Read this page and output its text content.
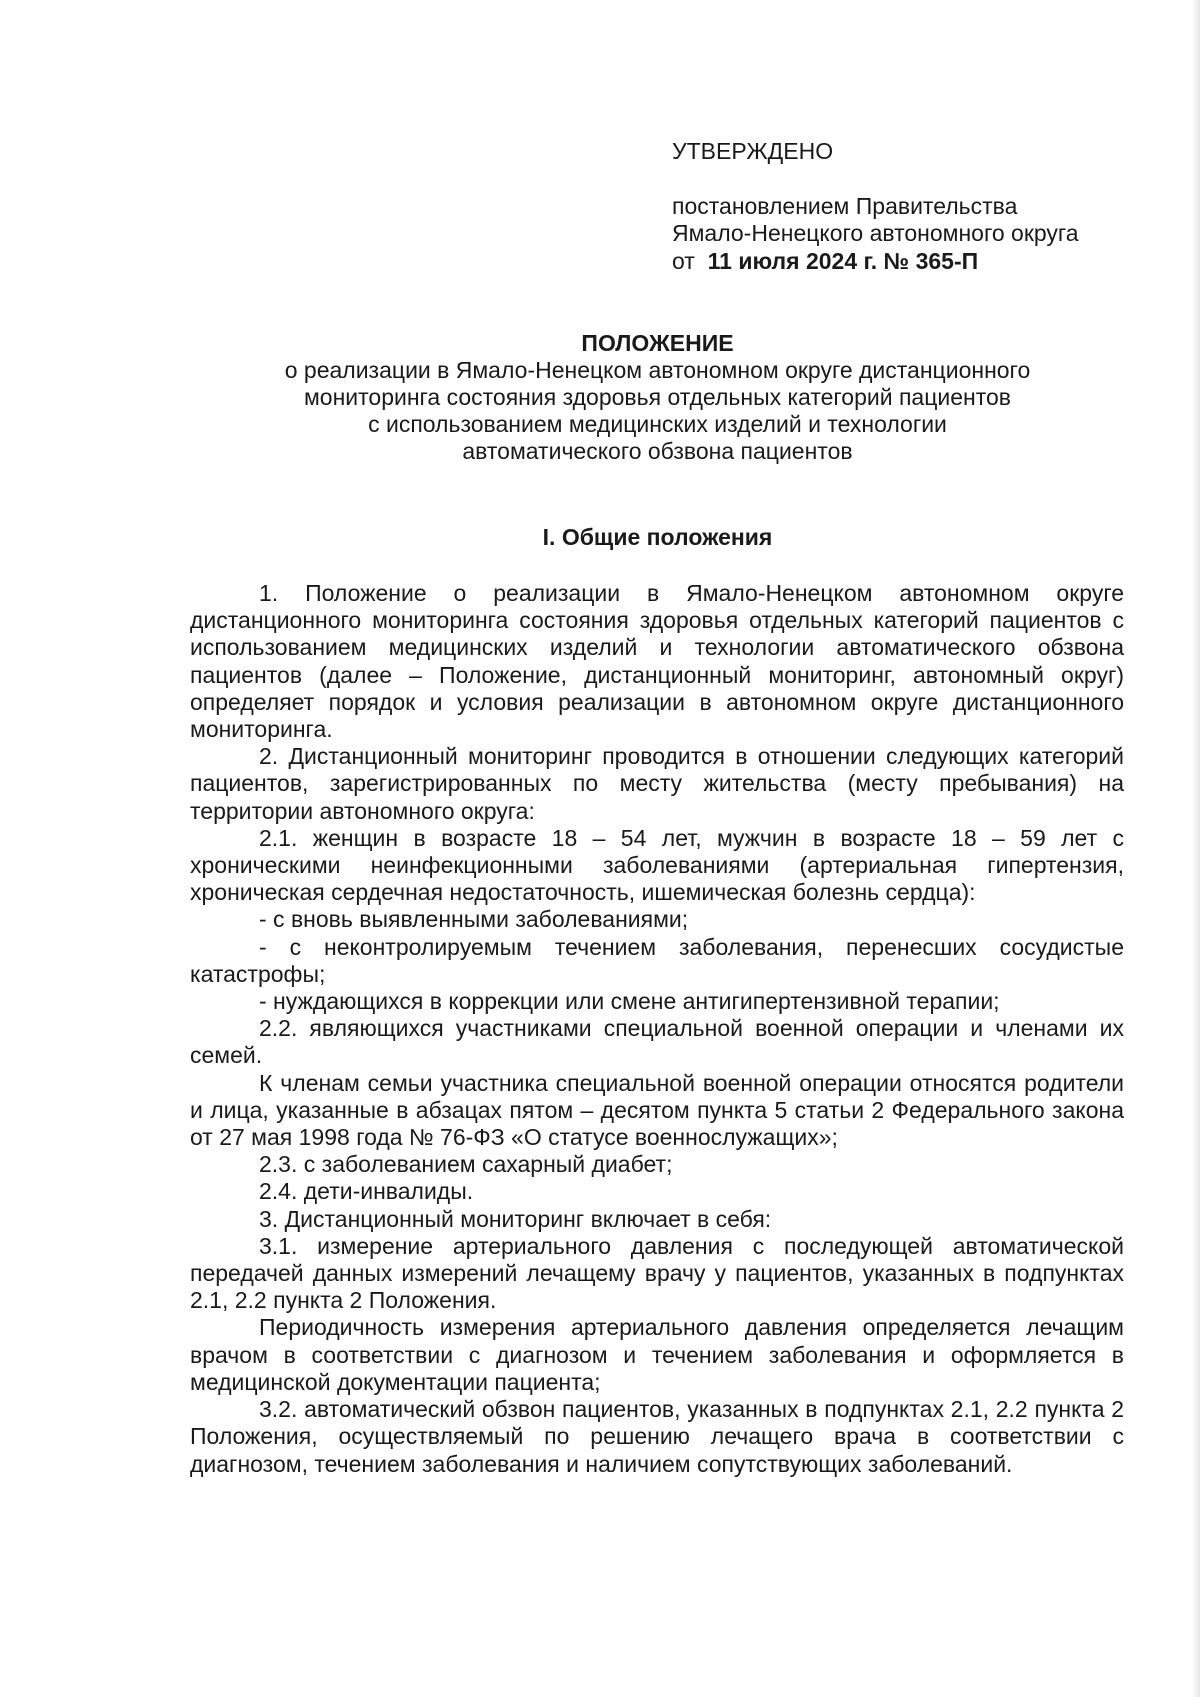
УТВЕРЖДЕНО
постановлением Правительства
Ямало-Ненецкого автономного округа
от 11 июля 2024 г. № 365-П
ПОЛОЖЕНИЕ
о реализации в Ямало-Ненецком автономном округе дистанционного
мониторинга состояния здоровья отдельных категорий пациентов
с использованием медицинских изделий и технологии
автоматического обзвона пациентов
I. Общие положения

1. Положение о реализации в Ямало-Ненецком автономном округе дистанционного мониторинга состояния здоровья отдельных категорий пациентов с использованием медицинских изделий и технологии автоматического обзвона пациентов (далее – Положение, дистанционный мониторинг, автономный округ) определяет порядок и условия реализации в автономном округе дистанционного мониторинга.

2. Дистанционный мониторинг проводится в отношении следующих категорий пациентов, зарегистрированных по месту жительства (месту пребывания) на территории автономного округа:

2.1. женщин в возрасте 18 – 54 лет, мужчин в возрасте 18 – 59 лет с хроническими неинфекционными заболеваниями (артериальная гипертензия, хроническая сердечная недостаточность, ишемическая болезнь сердца):

- с вновь выявленными заболеваниями;

- с неконтролируемым течением заболевания, перенесших сосудистые катастрофы;

- нуждающихся в коррекции или смене антигипертензивной терапии;

2.2. являющихся участниками специальной военной операции и членами их семей.

К членам семьи участника специальной военной операции относятся родители и лица, указанные в абзацах пятом – десятом пункта 5 статьи 2 Федерального закона от 27 мая 1998 года № 76-ФЗ «О статусе военнослужащих»;

2.3. с заболеванием сахарный диабет;

2.4. дети-инвалиды.

3. Дистанционный мониторинг включает в себя:

3.1. измерение артериального давления с последующей автоматической передачей данных измерений лечащему врачу у пациентов, указанных в подпунктах 2.1, 2.2 пункта 2 Положения.

Периодичность измерения артериального давления определяется лечащим врачом в соответствии с диагнозом и течением заболевания и оформляется в медицинской документации пациента;

3.2. автоматический обзвон пациентов, указанных в подпунктах 2.1, 2.2 пункта 2 Положения, осуществляемый по решению лечащего врача в соответствии с диагнозом, течением заболевания и наличием сопутствующих заболеваний.
